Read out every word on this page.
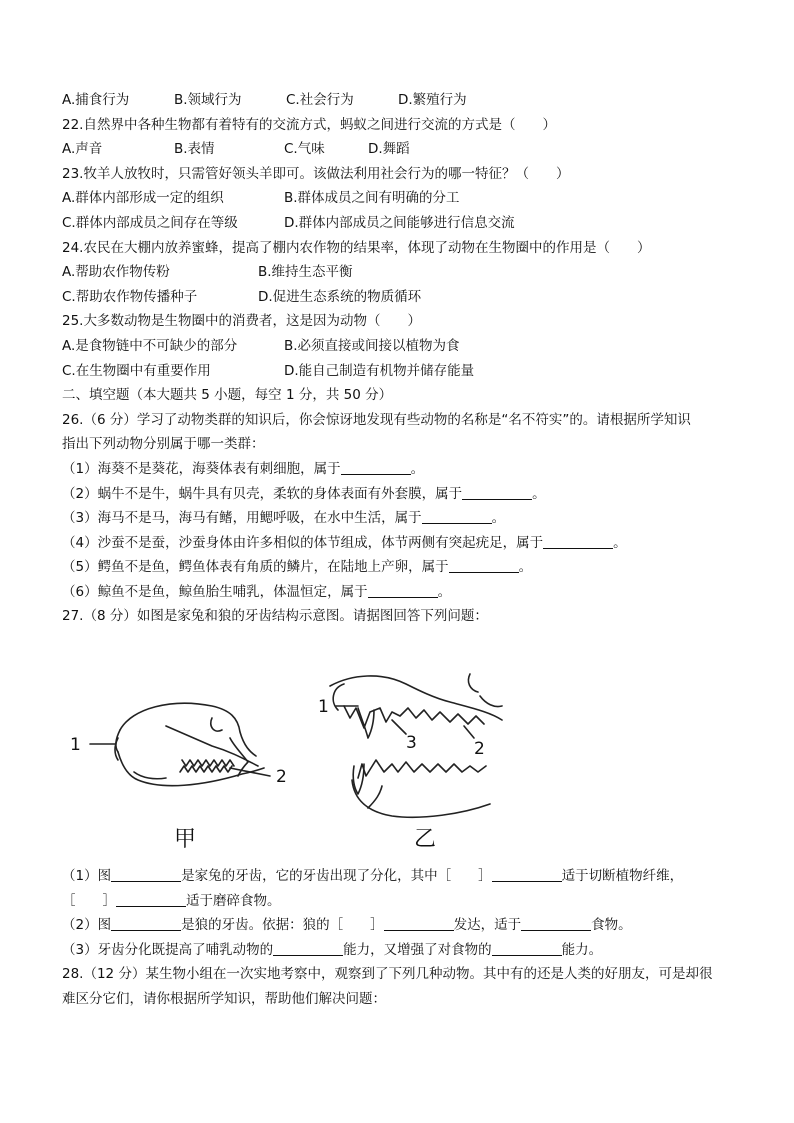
A.捕食行为	B.领域行为	C.社会行为	D.繁殖行为
22.自然界中各种生物都有着特有的交流方式，蚂蚁之间进行交流的方式是（　　）
A.声音	B.表情	C.气味	D.舞蹈
23.牧羊人放牧时，只需管好领头羊即可。该做法利用社会行为的哪一特征？（　　）
A.群体内部形成一定的组织	B.群体成员之间有明确的分工
C.群体内部成员之间存在等级	D.群体内部成员之间能够进行信息交流
24.农民在大棚内放养蜜蜂，提高了棚内农作物的结果率，体现了动物在生物圈中的作用是（　　）
A.帮助农作物传粉	B.维持生态平衡
C.帮助农作物传播种子	D.促进生态系统的物质循环
25.大多数动物是生物圈中的消费者，这是因为动物（　　）
A.是食物链中不可缺少的部分	B.必须直接或间接以植物为食
C.在生物圈中有重要作用	D.能自己制造有机物并储存能量
二、填空题（本大题共 5 小题，每空 1 分，共 50 分）
26.（6 分）学习了动物类群的知识后，你会惊讶地发现有些动物的名称是“名不符实”的。请根据所学知识
指出下列动物分别属于哪一类群：
（1）海葵不是葵花，海葵体表有刺细胞，属于	。
（2）蜗牛不是牛，蜗牛具有贝壳，柔软的身体表面有外套膜，属于	。
（3）海马不是马，海马有鳍，用鳃呼吸，在水中生活，属于	。
（4）沙蚕不是蚕，沙蚕身体由许多相似的体节组成，体节两侧有突起疣足，属于	。
（5）鳄鱼不是鱼，鳄鱼体表有角质的鳞片，在陆地上产卵，属于	。
（6）鲸鱼不是鱼，鲸鱼胎生哺乳，体温恒定，属于	。
27.（8 分）如图是家兔和狼的牙齿结构示意图。请据图回答下列问题：
1
2
1
3	2
甲	乙
（1）图	是家兔的牙齿，它的牙齿出现了分化，其中［　　］	适于切断植物纤维，
［　　］	适于磨碎食物。
（2）图	是狼的牙齿。依据：狼的［　　］	发达，适于	食物。
（3）牙齿分化既提高了哺乳动物的	能力，又增强了对食物的	能力。
28.（12 分）某生物小组在一次实地考察中，观察到了下列几种动物。其中有的还是人类的好朋友，可是却很
难区分它们，请你根据所学知识，帮助他们解决问题：
